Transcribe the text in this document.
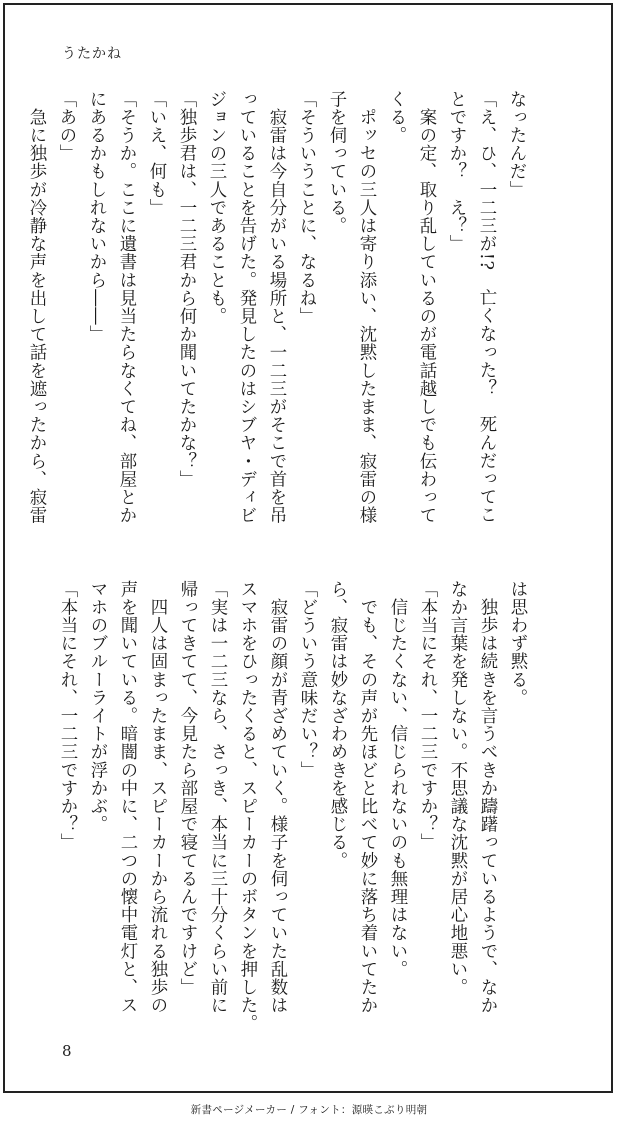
うたかね
なったんだ」
「え、ひ、一二三が!?　亡くなった？　死んだってこ
とですか？　え？」
　案の定、取り乱しているのが電話越しでも伝わって
くる。
　ポッセの三人は寄り添い、沈黙したまま、寂雷の様
子を伺っている。
「そういうことに、なるね」
　寂雷は今自分がいる場所と、一二三がそこで首を吊
っていることを告げた。発見したのはシブヤ・ディビ
ジョンの三人であることも。
「独歩君は、一二三君から何か聞いてたかな？」
「いえ、何も」
「そうか。ここに遺書は見当たらなくてね、部屋とか
にあるかもしれないから――」
「あの」
　急に独歩が冷静な声を出して話を遮ったから、寂雷
は思わず黙る。
　独歩は続きを言うべきか躊躇っているようで、なか
なか言葉を発しない。不思議な沈黙が居心地悪い。
「本当にそれ、一二三ですか？」
　信じたくない、信じられないのも無理はない。
　でも、その声が先ほどと比べて妙に落ち着いてたか
ら、寂雷は妙なざわめきを感じる。
「どういう意味だい？」
　寂雷の顔が青ざめていく。様子を伺っていた乱数は
スマホをひったくると、スピーカーのボタンを押した。
「実は一二三なら、さっき、本当に三十分くらい前に
帰ってきてて、今見たら部屋で寝てるんですけど」
　四人は固まったまま、スピーカーから流れる独歩の
声を聞いている。暗闇の中に、二つの懐中電灯と、ス
マホのブルーライトが浮かぶ。
「本当にそれ、一二三ですか？」
8
新書ページメーカー / フォント：源暎こぶり明朝
